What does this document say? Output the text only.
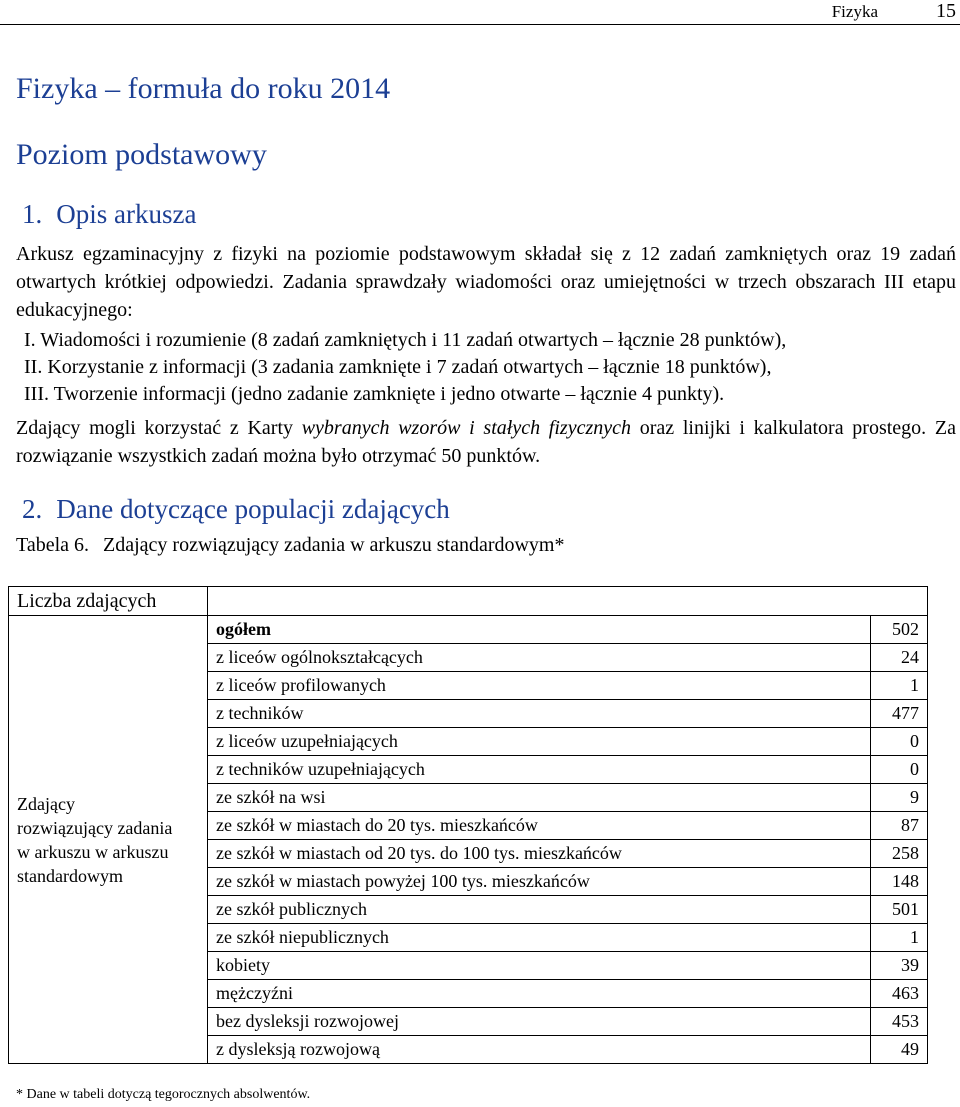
Fizyka	15
Fizyka – formuła do roku 2014
Poziom podstawowy
1. Opis arkusza
Arkusz egzaminacyjny z fizyki na poziomie podstawowym składał się z 12 zadań zamkniętych oraz 19 zadań otwartych krótkiej odpowiedzi. Zadania sprawdzały wiadomości oraz umiejętności w trzech obszarach III etapu edukacyjnego:
I. Wiadomości i rozumienie (8 zadań zamkniętych i 11 zadań otwartych – łącznie 28 punktów),
II. Korzystanie z informacji (3 zadania zamknięte i 7 zadań otwartych – łącznie 18 punktów),
III. Tworzenie informacji (jedno zadanie zamknięte i jedno otwarte – łącznie 4 punkty).
Zdający mogli korzystać z Karty wybranych wzorów i stałych fizycznych oraz linijki i kalkulatora prostego. Za rozwiązanie wszystkich zadań można było otrzymać 50 punktów.
2. Dane dotyczące populacji zdających
Tabela 6. Zdający rozwiązujący zadania w arkuszu standardowym*
Liczba zdających		

Zdający
rozwiązujący zadania
w arkuszu w arkuszu
standardowym	ogółem	502
	z liceów ogólnokształcących	24
	z liceów profilowanych	1
	z techników	477
	z liceów uzupełniających	0
	z techników uzupełniających	0
	ze szkół na wsi	9
	ze szkół w miastach do 20 tys. mieszkańców	87
	ze szkół w miastach od 20 tys. do 100 tys. mieszkańców	258
	ze szkół w miastach powyżej 100 tys. mieszkańców	148
	ze szkół publicznych	501
	ze szkół niepublicznych	1
	kobiety	39
	mężczyźni	463
	bez dysleksji rozwojowej	453
	z dysleksją rozwojową	49
* Dane w tabeli dotyczą tegorocznych absolwentów.
